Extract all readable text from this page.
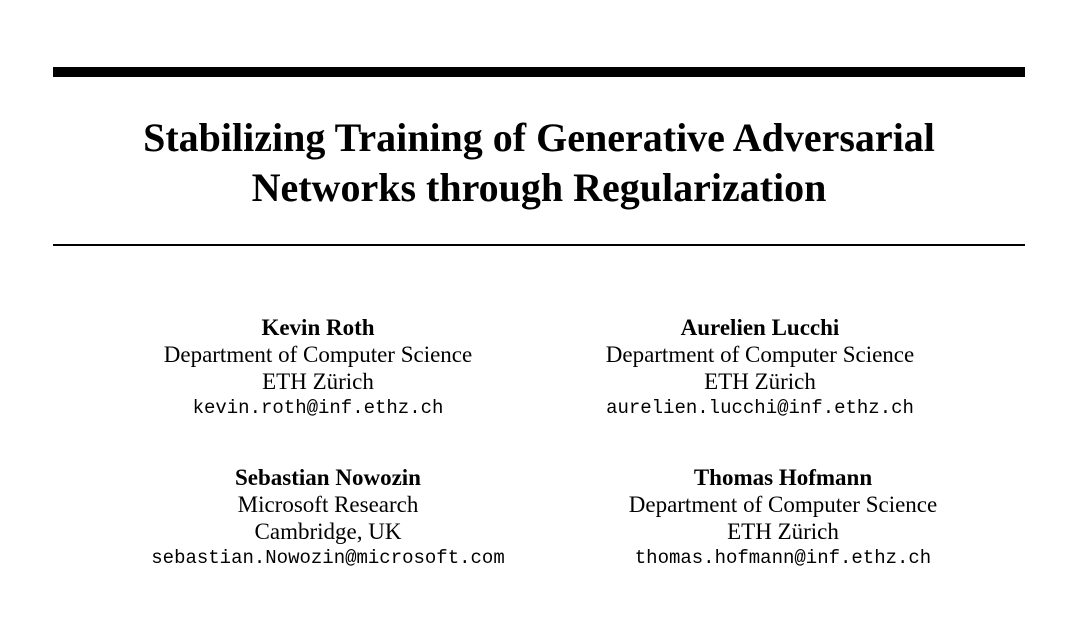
Stabilizing Training of Generative Adversarial
Networks through Regularization
Kevin Roth
Department of Computer Science
ETH Zürich
kevin.roth@inf.ethz.ch
Aurelien Lucchi
Department of Computer Science
ETH Zürich
aurelien.lucchi@inf.ethz.ch
Sebastian Nowozin
Microsoft Research
Cambridge, UK
sebastian.Nowozin@microsoft.com
Thomas Hofmann
Department of Computer Science
ETH Zürich
thomas.hofmann@inf.ethz.ch
